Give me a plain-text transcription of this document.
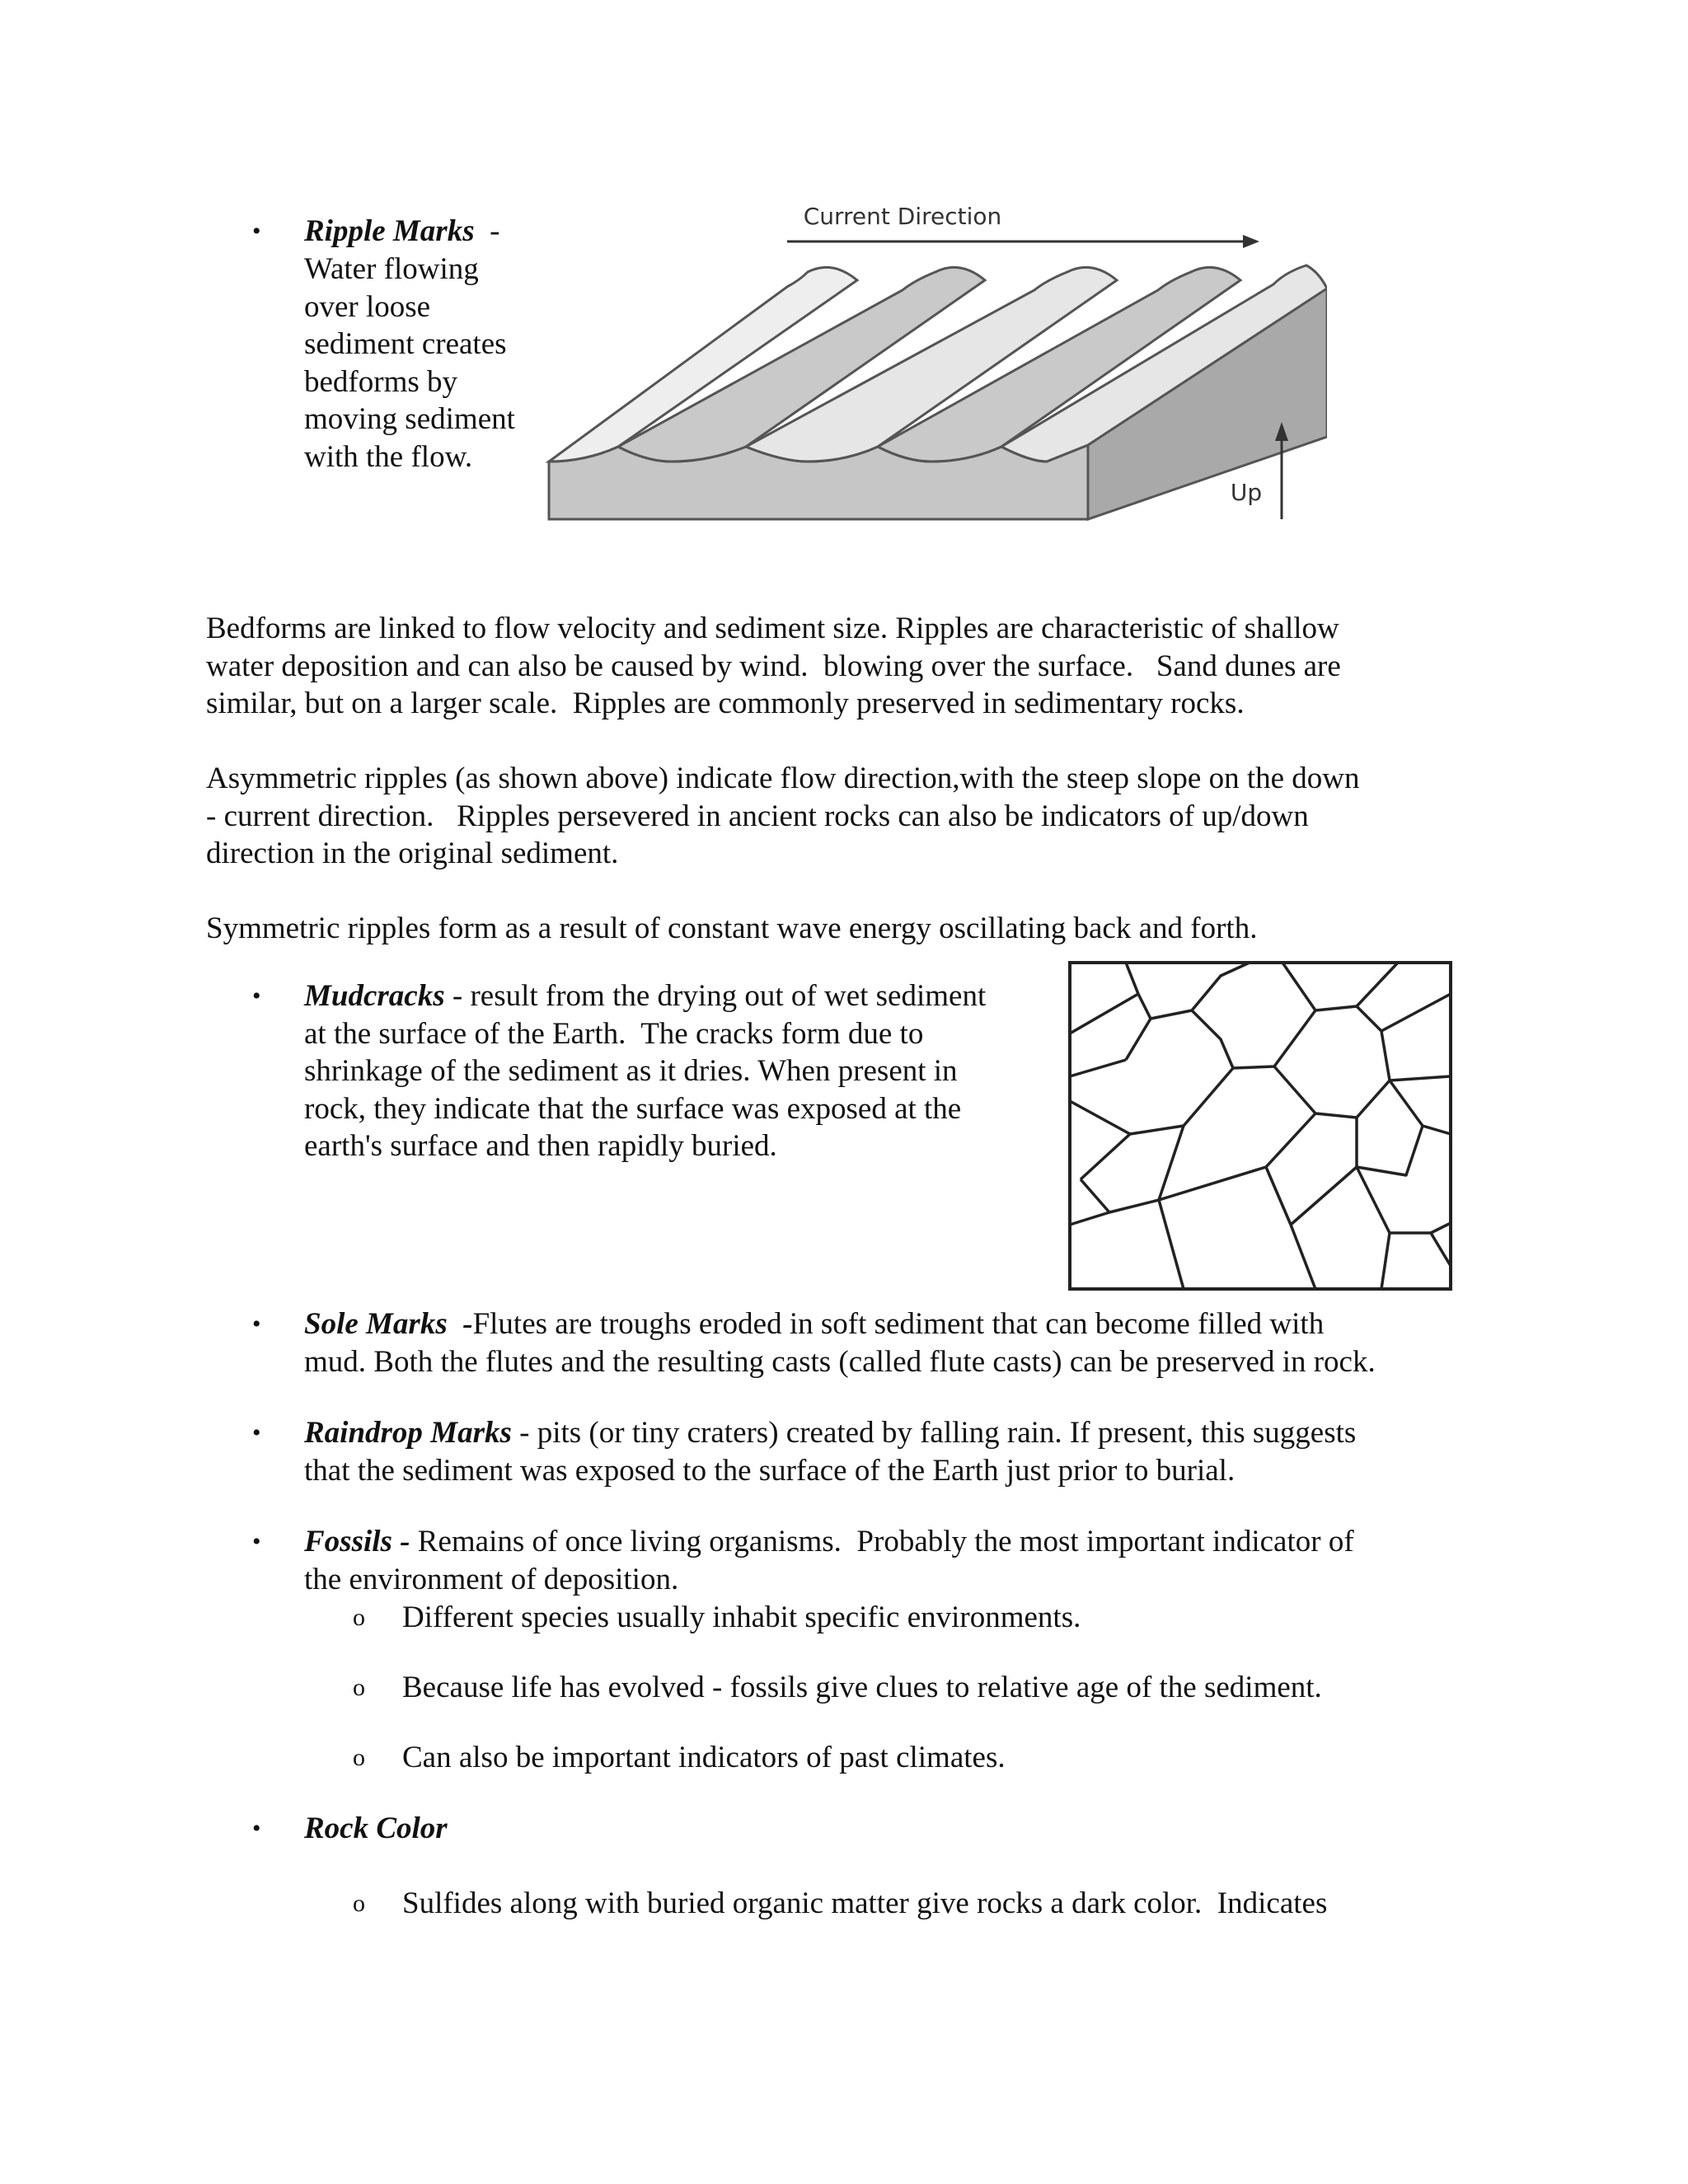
• Ripple Marks  -
Water flowing
over loose
sediment creates
bedforms by
moving sediment
with the flow.
Current Direction
Up
Bedforms are linked to flow velocity and sediment size. Ripples are characteristic of shallow
water deposition and can also be caused by wind.  blowing over the surface.   Sand dunes are
similar, but on a larger scale.  Ripples are commonly preserved in sedimentary rocks.
Asymmetric ripples (as shown above) indicate flow direction,with the steep slope on the down
- current direction.   Ripples persevered in ancient rocks can also be indicators of up/down
direction in the original sediment.
Symmetric ripples form as a result of constant wave energy oscillating back and forth.
• Mudcracks - result from the drying out of wet sediment
at the surface of the Earth.  The cracks form due to
shrinkage of the sediment as it dries. When present in
rock, they indicate that the surface was exposed at the
earth's surface and then rapidly buried.
• Sole Marks  -Flutes are troughs eroded in soft sediment that can become filled with
mud. Both the flutes and the resulting casts (called flute casts) can be preserved in rock.
• Raindrop Marks - pits (or tiny craters) created by falling rain. If present, this suggests
that the sediment was exposed to the surface of the Earth just prior to burial.
• Fossils - Remains of once living organisms.  Probably the most important indicator of
the environment of deposition.
o Different species usually inhabit specific environments.
o Because life has evolved - fossils give clues to relative age of the sediment.
o Can also be important indicators of past climates.
• Rock Color
o Sulfides along with buried organic matter give rocks a dark color.  Indicates
